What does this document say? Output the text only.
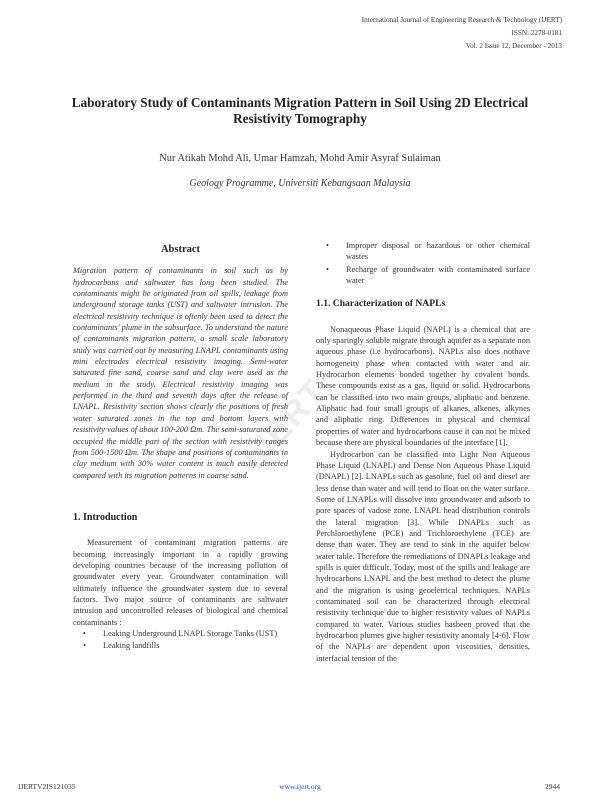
International Journal of Engineering Research & Technology (IJERT)
ISSN: 2278-0181
Vol. 2 Issue 12, December - 2013
Laboratory Study of Contaminants Migration Pattern in Soil Using 2D Electrical Resistivity Tomography
Nur Atikah Mohd Ali, Umar Hamzah, Mohd Amir Asyraf Sulaiman
Geology Programme, Universiti Kebangsaan Malaysia
IJERT
Abstract

Migration pattern of contaminants in soil such as by hydrocarbons and saltwater has long been studied. The contaminants might be originated from oil spills, leakage from underground storage tanks (UST) and saltwater intrusion. The electrical resistivity technique is oftenly been used to detect the contaminants' plume in the subsurface. To understand the nature of contaminants migration pattern, a small scale laboratory study was carried out by measuring LNAPL contaminants using mini electrodes electrical resistivity imaging. Semi-water saturated fine sand, coarse sand and clay were used as the medium in the study. Electrical resistivity imaging was performed in the third and seventh days after the release of LNAPL. Resistivity section shows clearly the positions of fresh water saturated zones in the top and bottom layers with resistivity values of about 100-200 Ωm. The semi-saturated zone occupied the middle part of the section with resistivity ranges from 500-1500 Ωm. The shape and positions of contaminants in clay medium with 30% water content is much easily detected compared with its migration patterns in coarse sand.

1. Introduction

Measurement of contaminant migration patterns are becoming increasingly important in a rapidly growing developing countries because of the increasing pollution of groundwater every year. Groundwater contamination will ultimately influence the groundwater system due to several factors. Two major source of contaminants are saltwater intrusion and uncontrolled releases of biological and chemical contaminants :

• Leaking Underground LNAPL Storage Tanks (UST)
• Leaking landfills
• Improper disposal or hazardous or other chemical wastes
• Recharge of groundwater with contaminated surface water
1.1. Characterization of NAPLs

Nonaqueous Phase Liquid (NAPL) is a chemical that are only sparingly soluble migrate through aquifer as a separate non aqueous phase (i.e hydrocarbons). NAPLs also does nothave homogeneity phase when contacted with water and air. Hydrocarbon elements bonded together by covalent bonds. These compounds exist as a gas, liquid or solid. Hydrocarbons can be classified into two main groups, aliphatic and benzene. Aliphatic had four small groups of alkanes, alkenes, alkynes and aliphatic ring. Differences in physical and chemical properties of water and hydrocarbons cause it can not be mixed because there are physical boundaries of the interface [1].

Hydrocarbon can be classified into Light Non Aqueous Phase Liquid (LNAPL) and Dense Non Aqueous Phase Liquid (DNAPL) [2]. LNAPLs such as gasoline, fuel oil and diesel are less dense than water and will tend to float on the water surface. Some of LNAPLs will dissolve into groundwater and adsorb to pore spaces of vadose zone. LNAPL head distribution controls the lateral migration [3]. While DNAPLs such as Perchloroethylene (PCE) and Trichloroethylene (TCE) are dense than water. They are tend to sink in the aquifer below water table. Therefore the remediations of DNAPLs leakage and spills is quiet difficult. Today, most of the spills and leakage are hydrocarbons LNAPL and the best method to detect the plume and the migration is using geoeletrical techniques. NAPLs contaminated soil can be characterized through electrical resistivity technique due to higher resistivity values of NAPLs compared to water. Various studies hasbeen proved that the hydrocarbon plumes give higher resistivity anomaly [4-6]. Flow of the NAPLs are dependent upon viscosities, densities, interfacial tension of the

IJERTV2IS121035	www.ijert.org	2944
